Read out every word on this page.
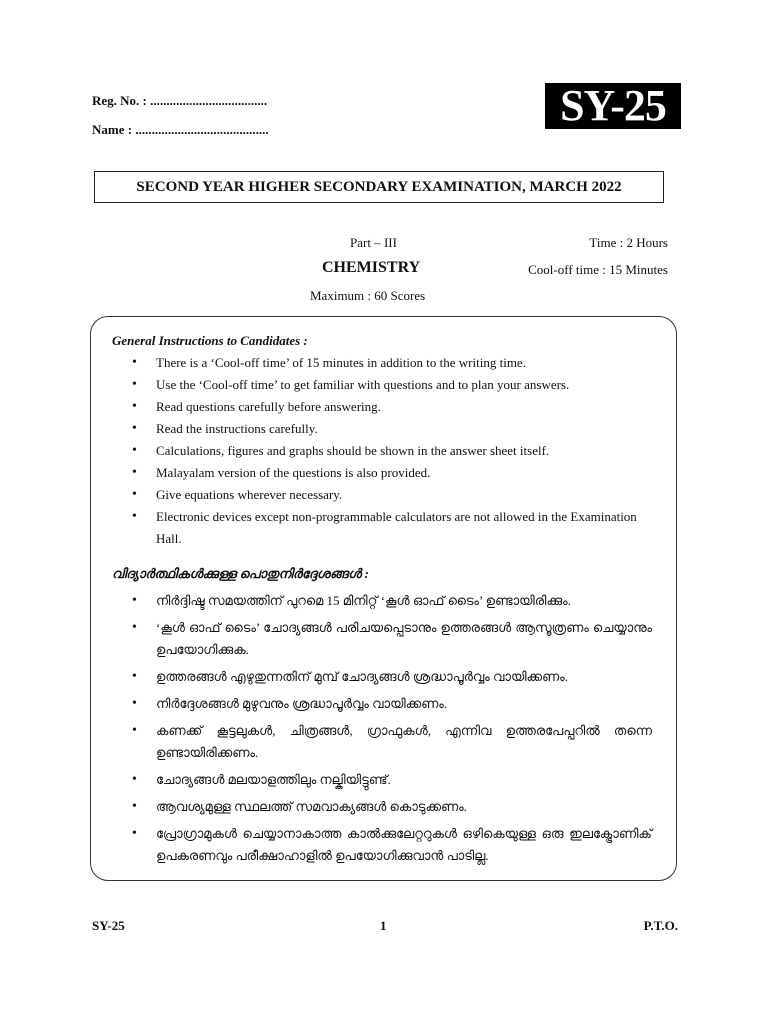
Reg. No. : ....................................
Name : .........................................	SY-25
SECOND YEAR HIGHER SECONDARY EXAMINATION, MARCH 2022
Part – III	Time : 2 Hours
CHEMISTRY	Cool-off time : 15 Minutes
Maximum : 60 Scores
General Instructions to Candidates :
• There is a ‘Cool-off time’ of 15 minutes in addition to the writing time.
• Use the ‘Cool-off time’ to get familiar with questions and to plan your answers.
• Read questions carefully before answering.
• Read the instructions carefully.
• Calculations, figures and graphs should be shown in the answer sheet itself.
• Malayalam version of the questions is also provided.
• Give equations wherever necessary.
• Electronic devices except non-programmable calculators are not allowed in the Examination Hall.
വിദ്യാർത്ഥികൾക്കുള്ള പൊതുനിർദ്ദേശങ്ങൾ :
• നിർദ്ദിഷ്ട സമയത്തിന് പുറമെ 15 മിനിറ്റ് ‘കൂൾ ഓഫ് ടൈം’ ഉണ്ടായിരിക്കും.
• ‘കൂൾ ഓഫ് ടൈം’ ചോദ്യങ്ങൾ പരിചയപ്പെടാനും ഉത്തരങ്ങൾ ആസൂത്രണം ചെയ്യാനും ഉപയോഗിക്കുക.
• ഉത്തരങ്ങൾ എഴുതുന്നതിന് മുമ്പ് ചോദ്യങ്ങൾ ശ്രദ്ധാപൂർവ്വം വായിക്കണം.
• നിർദ്ദേശങ്ങൾ മുഴുവനും ശ്രദ്ധാപൂർവ്വം വായിക്കണം.
• കണക്ക് കൂട്ടലുകൾ, ചിത്രങ്ങൾ, ഗ്രാഫുകൾ, എന്നിവ ഉത്തരപേപ്പറിൽ തന്നെ ഉണ്ടായിരിക്കണം.
• ചോദ്യങ്ങൾ മലയാളത്തിലും നല്കിയിട്ടുണ്ട്.
• ആവശ്യമുള്ള സ്ഥലത്ത് സമവാക്യങ്ങൾ കൊടുക്കണം.
• പ്രോഗ്രാമുകൾ ചെയ്യാനാകാത്ത കാൽക്കുലേറ്ററുകൾ ഒഴികെയുള്ള ഒരു ഇലക്ട്രോണിക് ഉപകരണവും പരീക്ഷാഹാളിൽ ഉപയോഗിക്കുവാൻ പാടില്ല.
SY-25	1	P.T.O.
